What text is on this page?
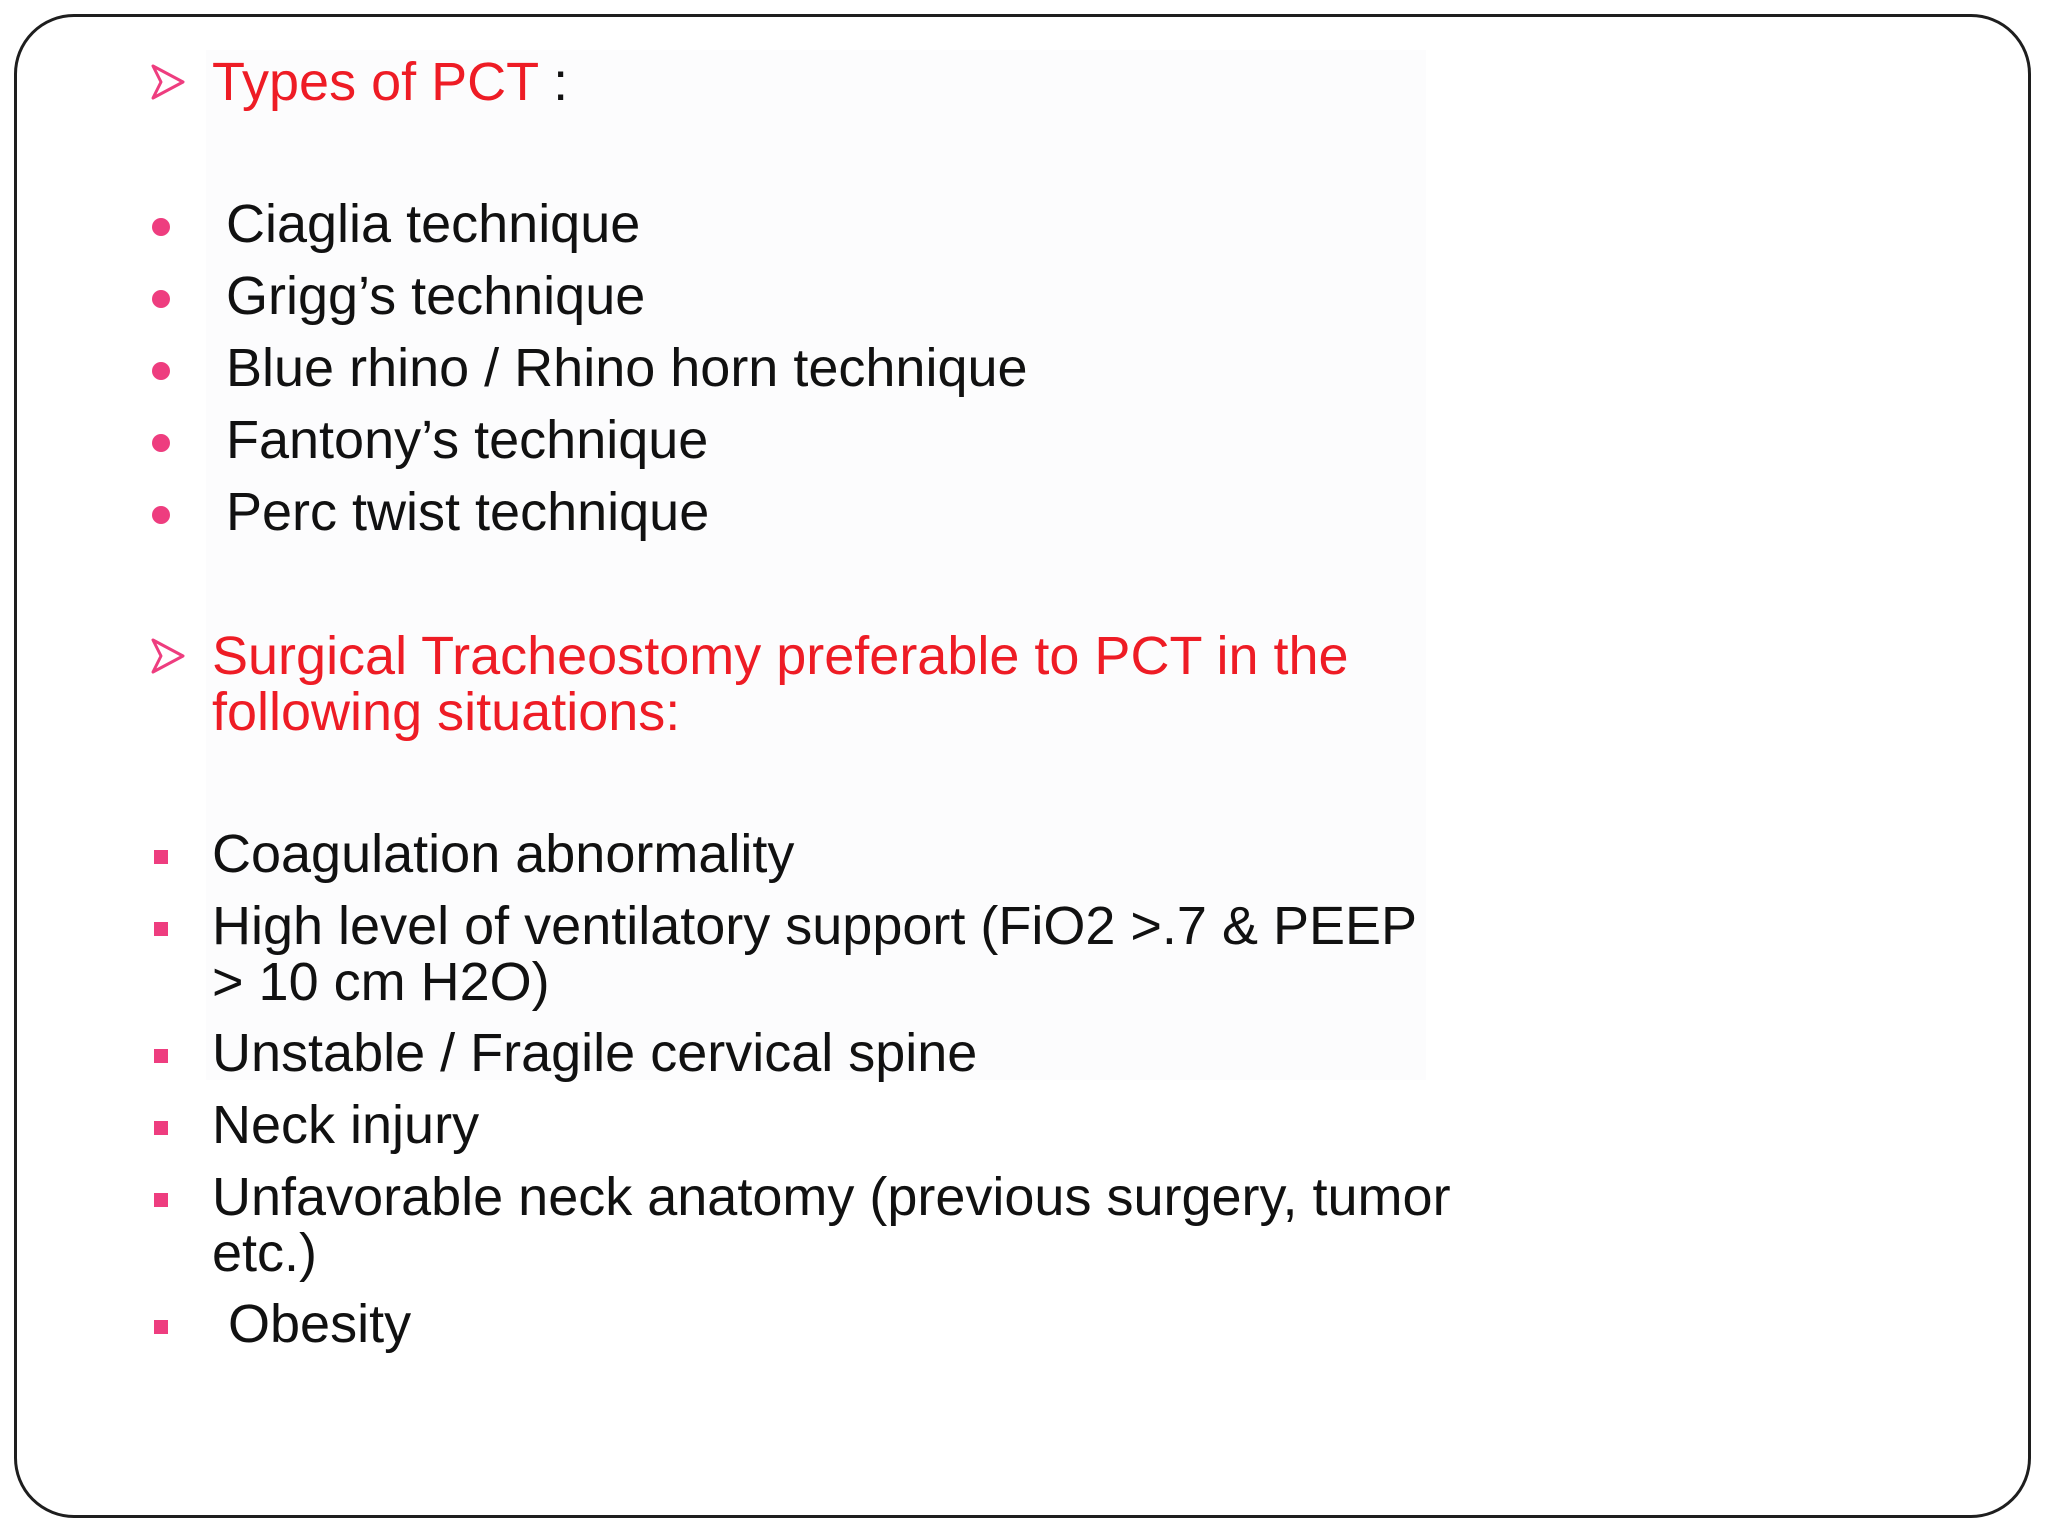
Types of PCT :
Ciaglia technique
Grigg’s technique
Blue rhino / Rhino horn technique
Fantony’s technique
Perc twist technique
Surgical Tracheostomy preferable to PCT in the
following situations:
Coagulation abnormality
High level of ventilatory support (FiO2 >.7 & PEEP
> 10 cm H2O)
Unstable / Fragile cervical spine
Neck injury
Unfavorable neck anatomy (previous surgery, tumor
etc.)
Obesity
